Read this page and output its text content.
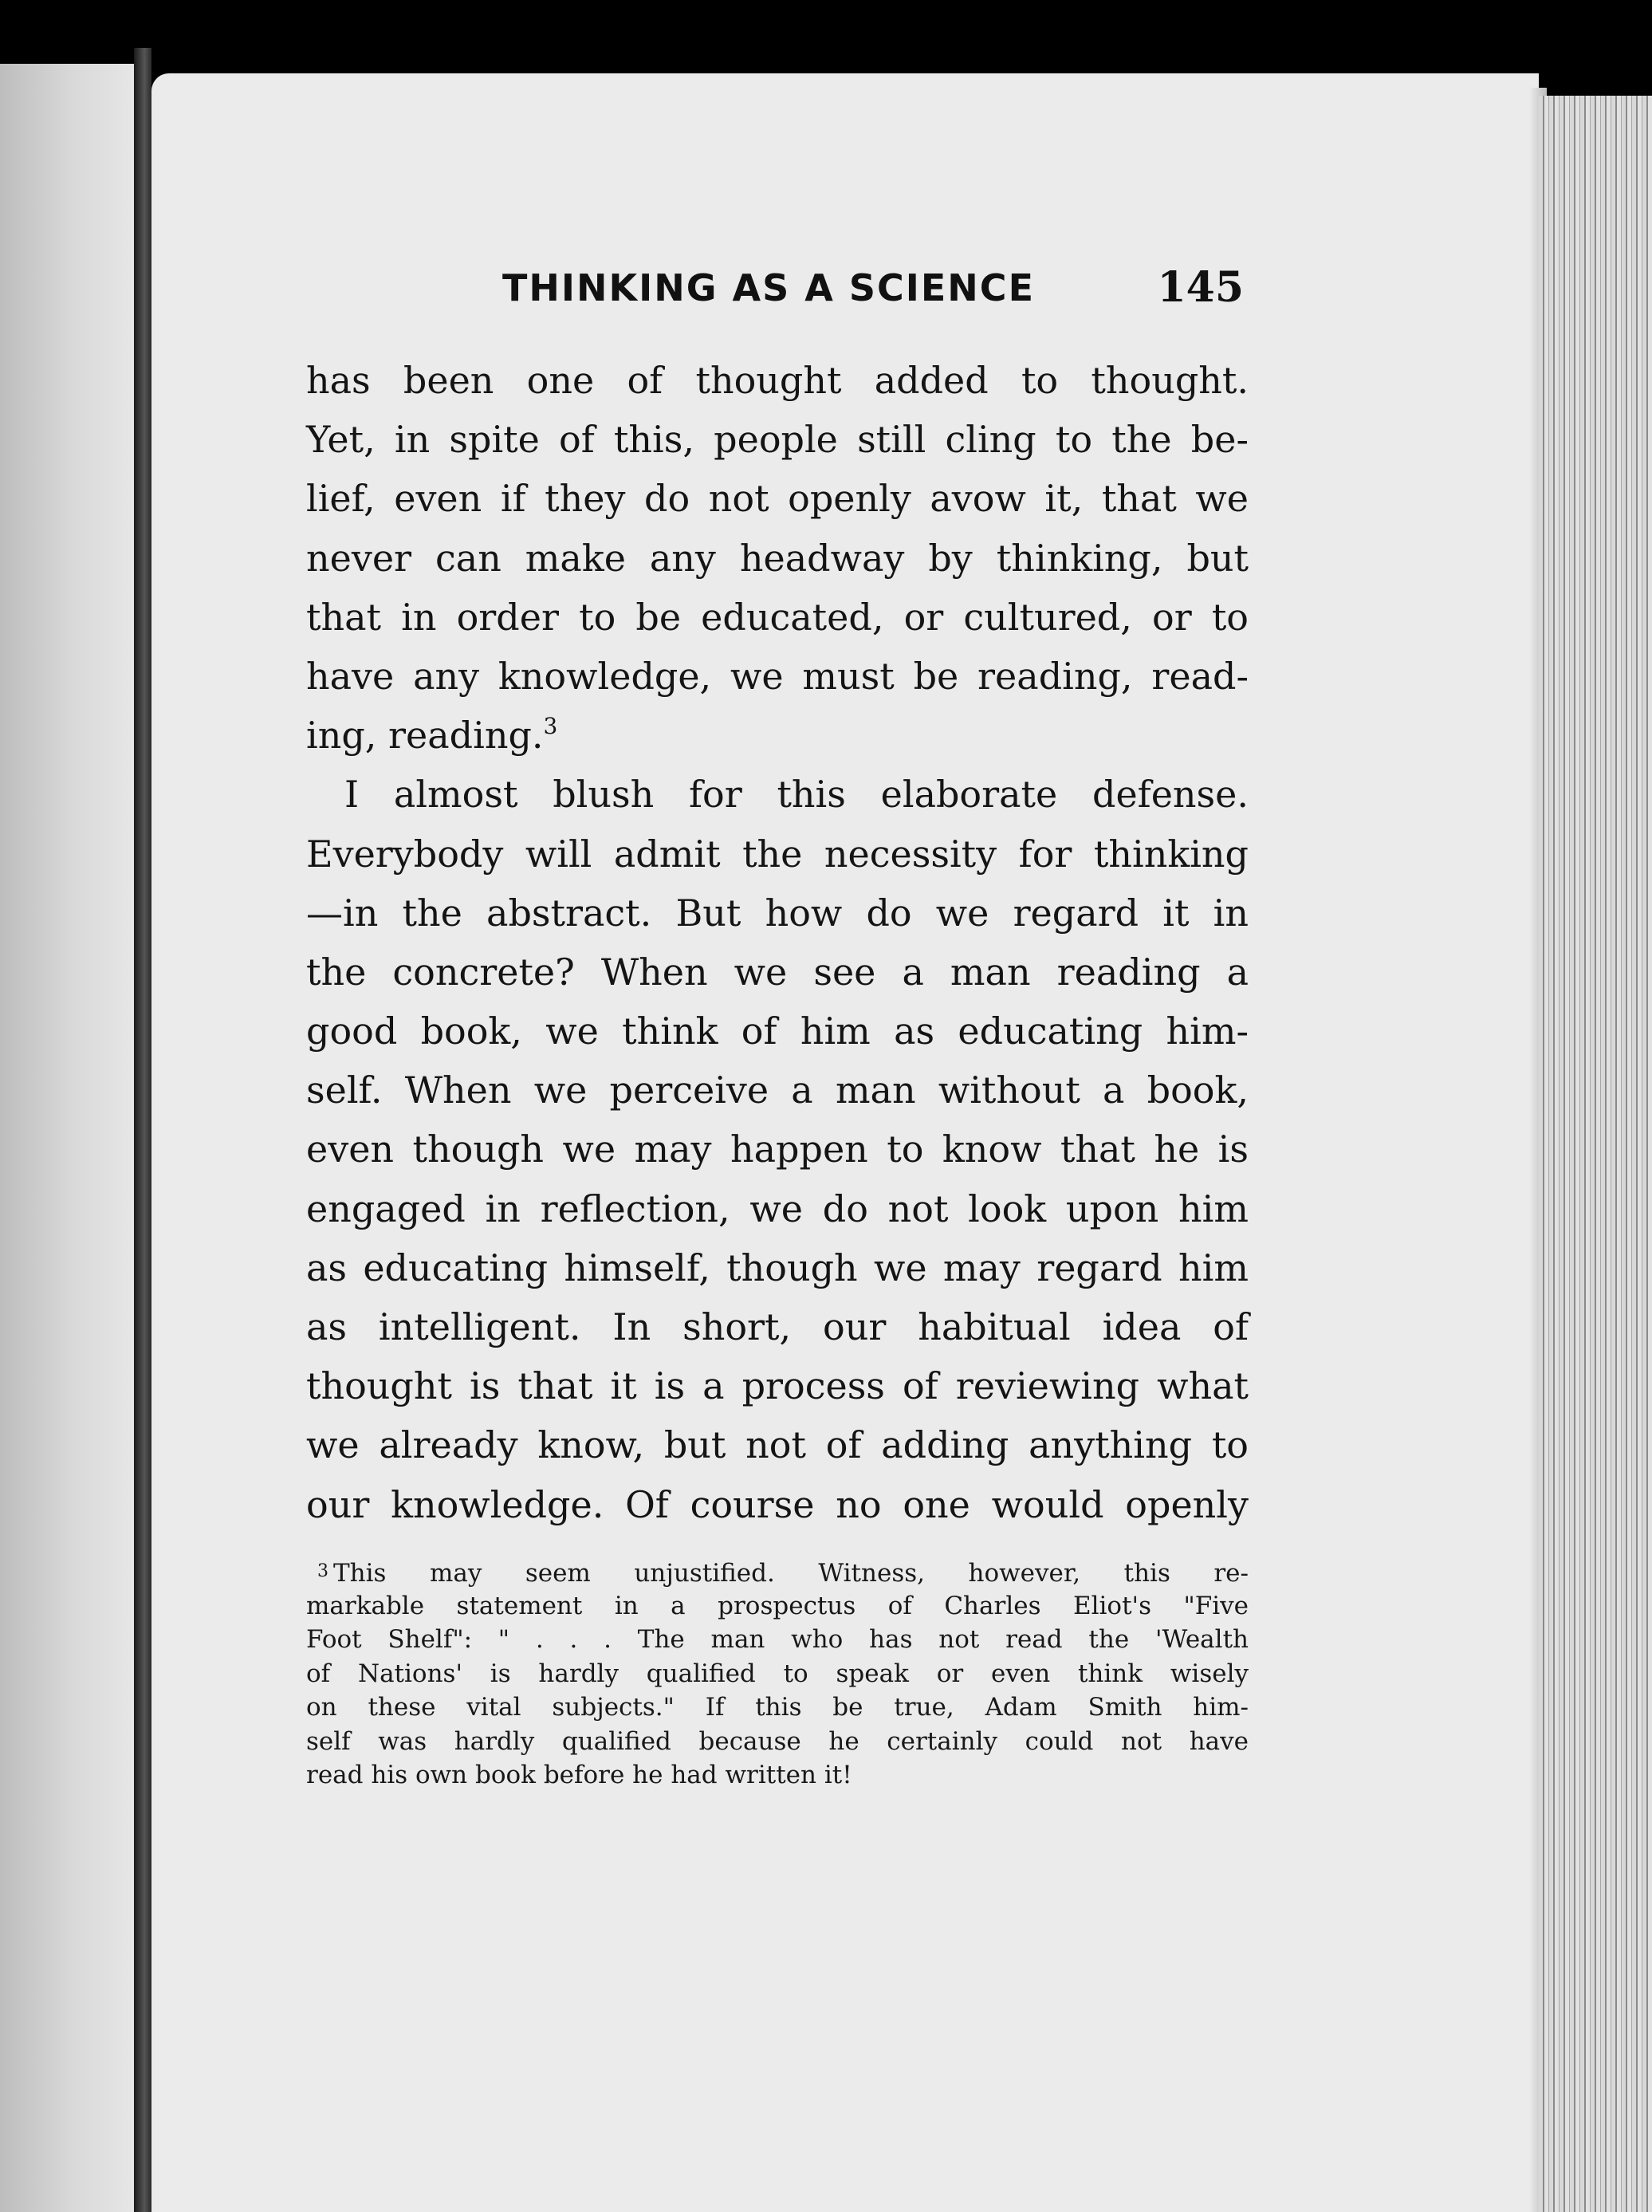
THINKING AS A SCIENCE	145
has been one of thought added to thought.
Yet, in spite of this, people still cling to the be-
lief, even if they do not openly avow it, that we
never can make any headway by thinking, but
that in order to be educated, or cultured, or to
have any knowledge, we must be reading, read-
ing, reading.$^3$
I almost blush for this elaborate defense.
Everybody will admit the necessity for thinking
—in the abstract. But how do we regard it in
the concrete? When we see a man reading a
good book, we think of him as educating him-
self. When we perceive a man without a book,
even though we may happen to know that he is
engaged in reflection, we do not look upon him
as educating himself, though we may regard him
as intelligent. In short, our habitual idea of
thought is that it is a process of reviewing what
we already know, but not of adding anything to
our knowledge. Of course no one would openly
3 This may seem unjustified. Witness, however, this re-
markable statement in a prospectus of Charles Eliot's "Five
Foot Shelf": " . . . The man who has not read the 'Wealth
of Nations' is hardly qualified to speak or even think wisely
on these vital subjects." If this be true, Adam Smith him-
self was hardly qualified because he certainly could not have
read his own book before he had written it!
